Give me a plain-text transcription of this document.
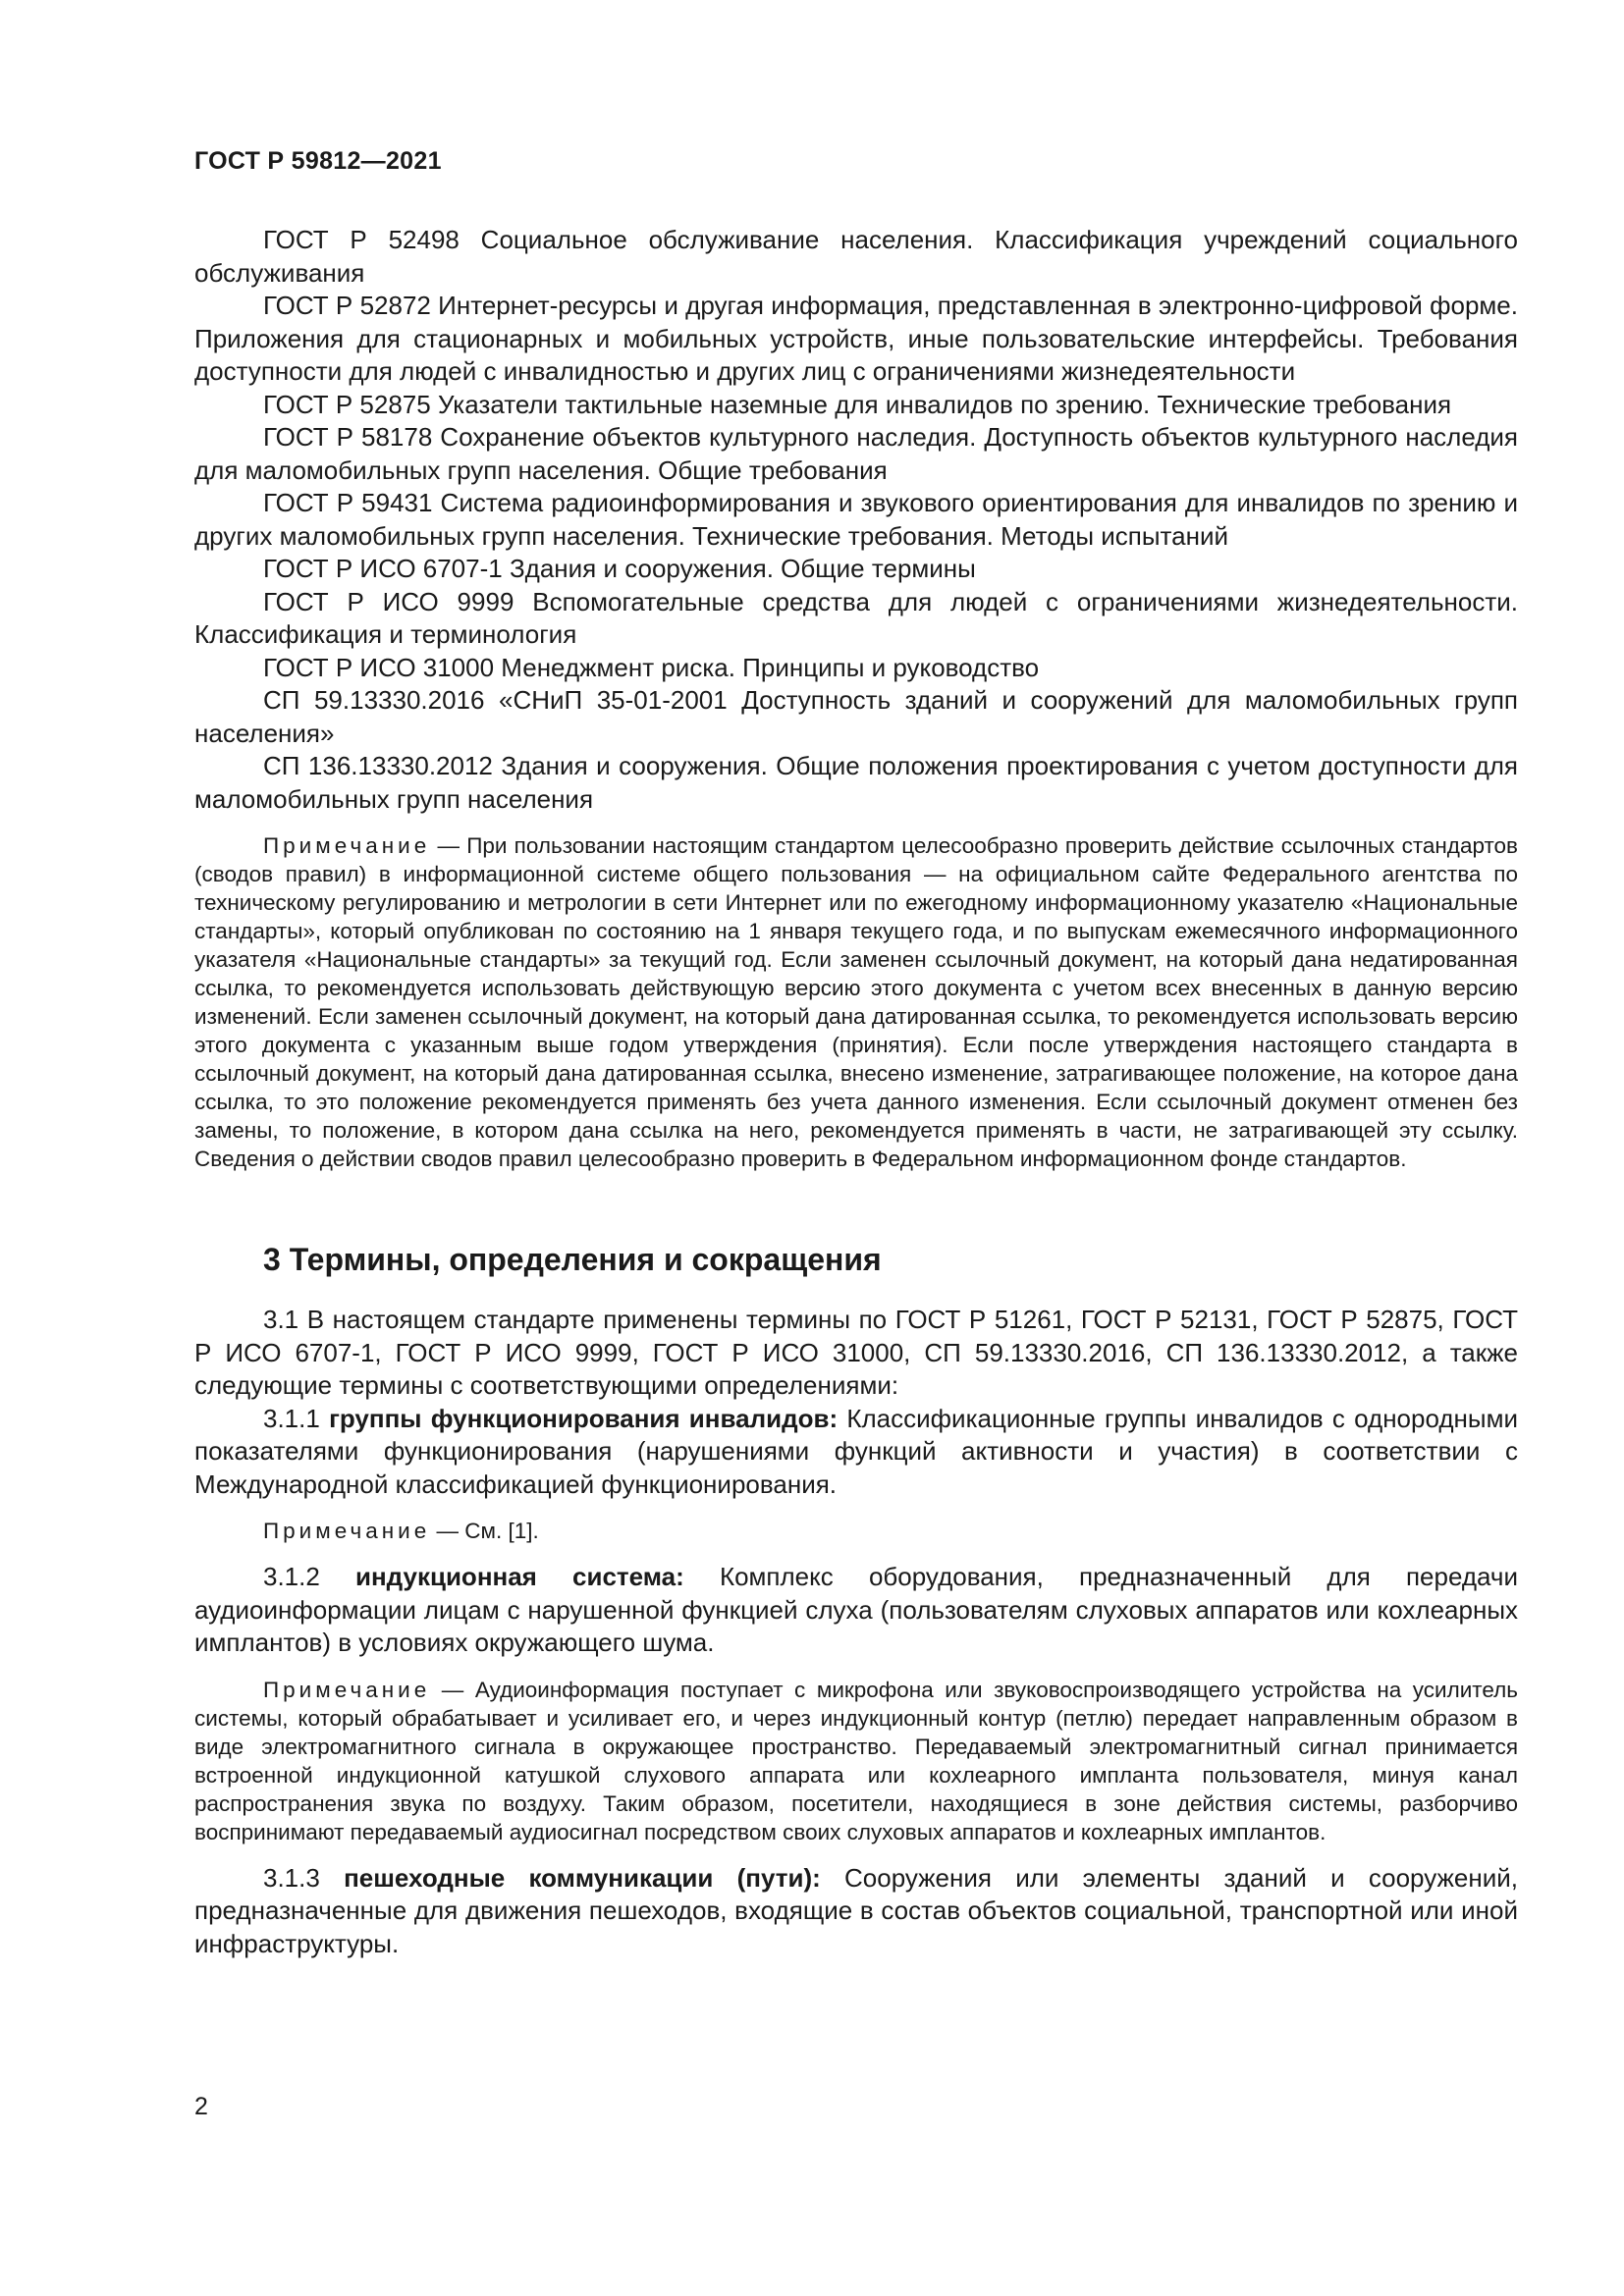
ГОСТ Р 59812—2021

ГОСТ Р 52498 Социальное обслуживание населения. Классификация учреждений социального обслуживания

ГОСТ Р 52872 Интернет-ресурсы и другая информация, представленная в электронно-цифровой форме. Приложения для стационарных и мобильных устройств, иные пользовательские интерфейсы. Требования доступности для людей с инвалидностью и других лиц с ограничениями жизнедеятельности

ГОСТ Р 52875 Указатели тактильные наземные для инвалидов по зрению. Технические требования

ГОСТ Р 58178 Сохранение объектов культурного наследия. Доступность объектов культурного наследия для маломобильных групп населения. Общие требования

ГОСТ Р 59431 Система радиоинформирования и звукового ориентирования для инвалидов по зрению и других маломобильных групп населения. Технические требования. Методы испытаний

ГОСТ Р ИСО 6707-1 Здания и сооружения. Общие термины

ГОСТ Р ИСО 9999 Вспомогательные средства для людей с ограничениями жизнедеятельности. Классификация и терминология

ГОСТ Р ИСО 31000 Менеджмент риска. Принципы и руководство

СП 59.13330.2016 «СНиП 35-01-2001 Доступность зданий и сооружений для маломобильных групп населения»

СП 136.13330.2012 Здания и сооружения. Общие положения проектирования с учетом доступности для маломобильных групп населения

Примечание — При пользовании настоящим стандартом целесообразно проверить действие ссылочных стандартов (сводов правил) в информационной системе общего пользования — на официальном сайте Федерального агентства по техническому регулированию и метрологии в сети Интернет или по ежегодному информационному указателю «Национальные стандарты», который опубликован по состоянию на 1 января текущего года, и по выпускам ежемесячного информационного указателя «Национальные стандарты» за текущий год. Если заменен ссылочный документ, на который дана недатированная ссылка, то рекомендуется использовать действующую версию этого документа с учетом всех внесенных в данную версию изменений. Если заменен ссылочный документ, на который дана датированная ссылка, то рекомендуется использовать версию этого документа с указанным выше годом утверждения (принятия). Если после утверждения настоящего стандарта в ссылочный документ, на который дана датированная ссылка, внесено изменение, затрагивающее положение, на которое дана ссылка, то это положение рекомендуется применять без учета данного изменения. Если ссылочный документ отменен без замены, то положение, в котором дана ссылка на него, рекомендуется применять в части, не затрагивающей эту ссылку. Сведения о действии сводов правил целесообразно проверить в Федеральном информационном фонде стандартов.

3 Термины, определения и сокращения

3.1 В настоящем стандарте применены термины по ГОСТ Р 51261, ГОСТ Р 52131, ГОСТ Р 52875, ГОСТ Р ИСО 6707-1, ГОСТ Р ИСО 9999, ГОСТ Р ИСО 31000, СП 59.13330.2016, СП 136.13330.2012, а также следующие термины с соответствующими определениями:

3.1.1 группы функционирования инвалидов: Классификационные группы инвалидов с однородными показателями функционирования (нарушениями функций активности и участия) в соответствии с Международной классификацией функционирования.

Примечание — См. [1].

3.1.2 индукционная система: Комплекс оборудования, предназначенный для передачи аудиоинформации лицам с нарушенной функцией слуха (пользователям слуховых аппаратов или кохлеарных имплантов) в условиях окружающего шума.

Примечание — Аудиоинформация поступает с микрофона или звуковоспроизводящего устройства на усилитель системы, который обрабатывает и усиливает его, и через индукционный контур (петлю) передает направленным образом в виде электромагнитного сигнала в окружающее пространство. Передаваемый электромагнитный сигнал принимается встроенной индукционной катушкой слухового аппарата или кохлеарного импланта пользователя, минуя канал распространения звука по воздуху. Таким образом, посетители, находящиеся в зоне действия системы, разборчиво воспринимают передаваемый аудиосигнал посредством своих слуховых аппаратов и кохлеарных имплантов.

3.1.3 пешеходные коммуникации (пути): Сооружения или элементы зданий и сооружений, предназначенные для движения пешеходов, входящие в состав объектов социальной, транспортной или иной инфраструктуры.

2
